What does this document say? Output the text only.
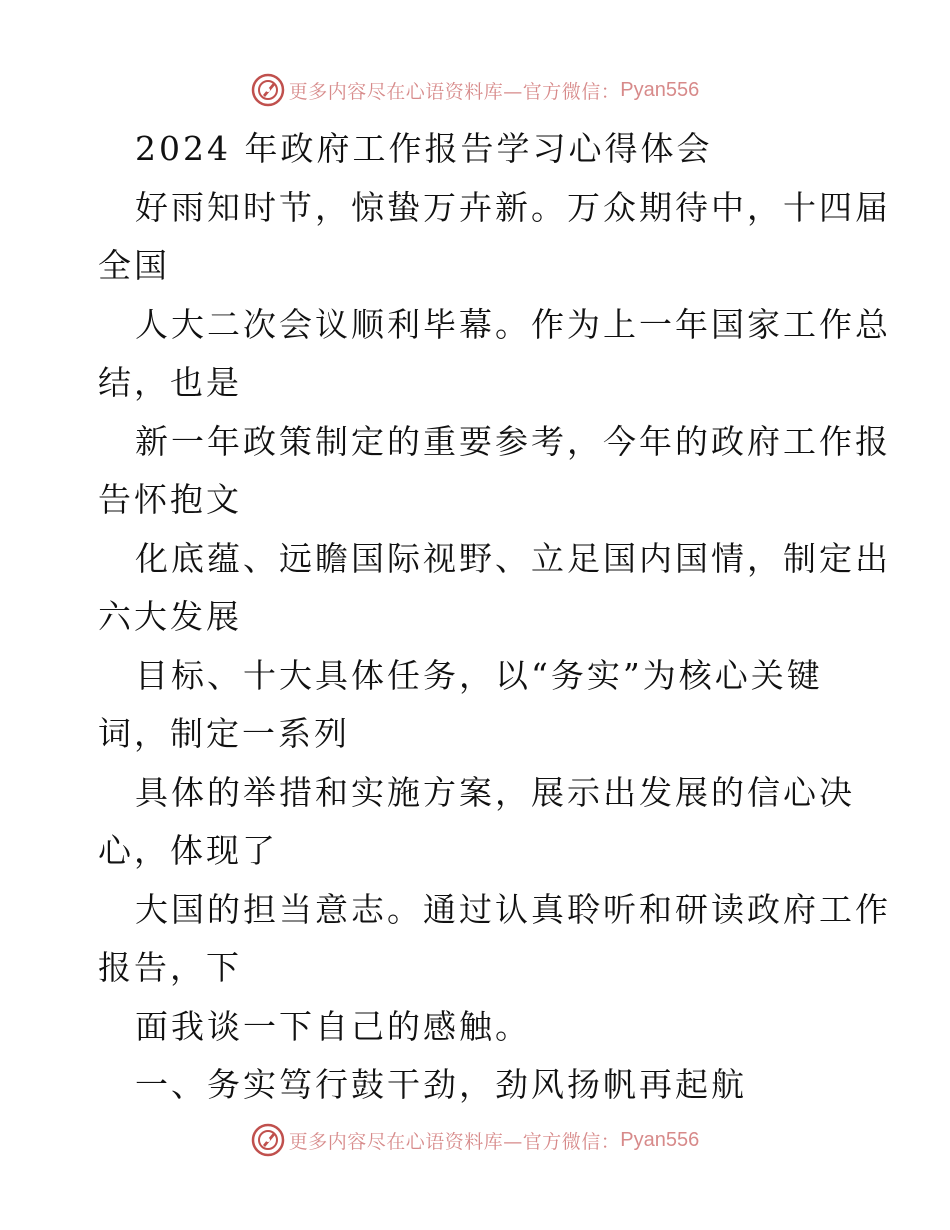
更多内容尽在心语资料库—官方微信： Pyan556
2024 年政府工作报告学习心得体会
好雨知时节，惊蛰万卉新。万众期待中，十四届
全国
人大二次会议顺利毕幕。作为上一年国家工作总
结，也是
新一年政策制定的重要参考，今年的政府工作报
告怀抱文
化底蕴、远瞻国际视野、立足国内国情，制定出
六大发展
目标、十大具体任务，以“务实”为核心关键
词，制定一系列
具体的举措和实施方案，展示出发展的信心决
心，体现了
大国的担当意志。通过认真聆听和研读政府工作
报告，下
面我谈一下自己的感触。
一、务实笃行鼓干劲，劲风扬帆再起航
更多内容尽在心语资料库—官方微信： Pyan556
